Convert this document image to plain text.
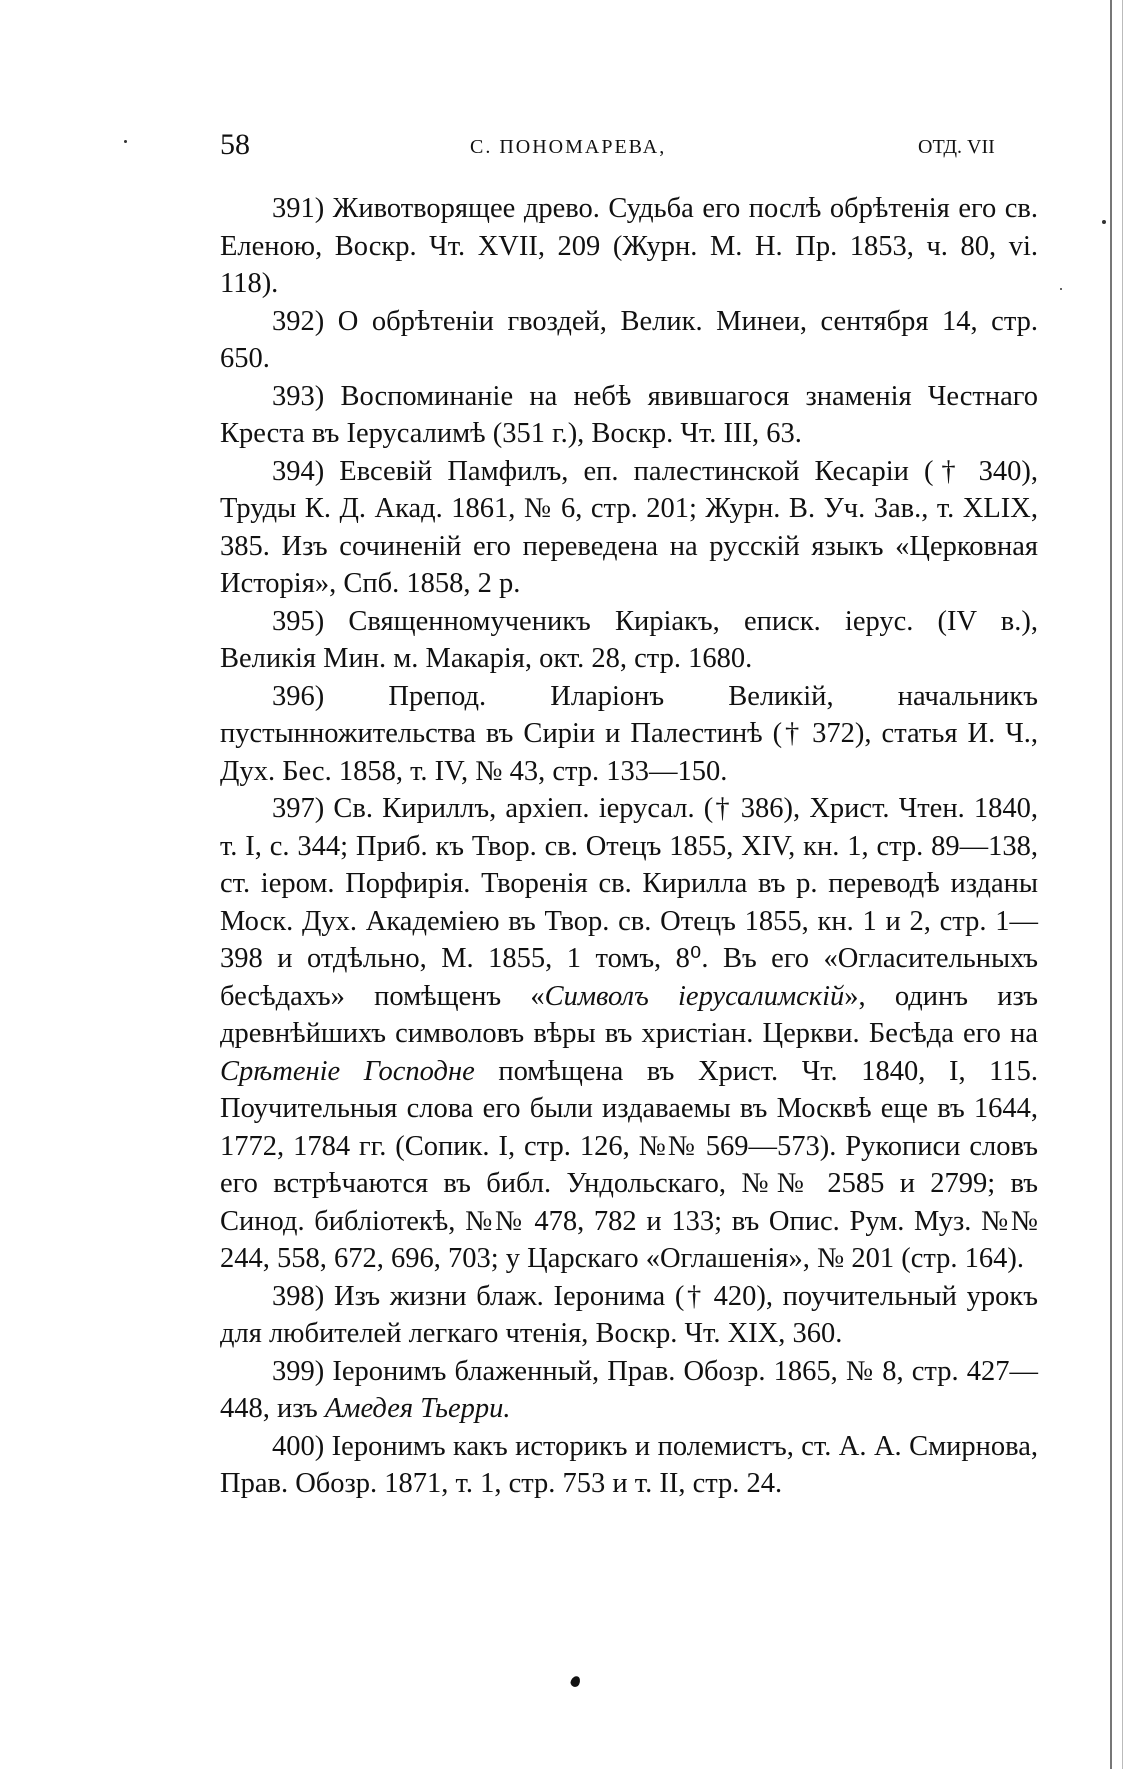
58	С. ПОНОМАРЕВА,	ОТД. VII

391) Животворящее древо. Судьба его послѣ обрѣтенія его св. Еленою, Воскр. Чт. XVII, 209 (Журн. М. Н. Пр. 1853, ч. 80, vi. 118).

392) О обрѣтеніи гвоздей, Велик. Минеи, сентября 14, стр. 650.

393) Воспоминаніе на небѣ явившагося знаменія Честнаго Креста въ Іерусалимѣ (351 г.), Воскр. Чт. III, 63.

394) Евсевій Памфилъ, еп. палестинской Кесаріи († 340), Труды К. Д. Акад. 1861, № 6, стр. 201; Журн. В. Уч. Зав., т. XLIX, 385. Изъ сочиненій его переведена на русскій языкъ «Церковная Исторія», Спб. 1858, 2 р.

395) Священномученикъ Киріакъ, еписк. іерус. (IV в.), Великія Мин. м. Макарія, окт. 28, стр. 1680.

396) Препод. Иларіонъ Великій, начальникъ пустынножительства въ Сиріи и Палестинѣ († 372), статья И. Ч., Дух. Бес. 1858, т. IV, № 43, стр. 133—150.

397) Св. Кириллъ, архіеп. іерусал. († 386), Христ. Чтен. 1840, т. I, с. 344; Приб. къ Твор. св. Отецъ 1855, XIV, кн. 1, стр. 89—138, ст. іером. Порфирія. Творенія св. Кирилла въ р. переводѣ изданы Моск. Дух. Академіею въ Твор. св. Отецъ 1855, кн. 1 и 2, стр. 1—398 и отдѣльно, М. 1855, 1 томъ, 8⁰. Въ его «Огласительныхъ бесѣдахъ» помѣщенъ «Символъ іерусалимскій», одинъ изъ древнѣйшихъ символовъ вѣры въ христіан. Церкви. Бесѣда его на Срѣтеніе Господне помѣщена въ Христ. Чт. 1840, I, 115. Поучительныя слова его были издаваемы въ Москвѣ еще въ 1644, 1772, 1784 гг. (Сопик. I, стр. 126, №№ 569—573). Рукописи словъ его встрѣчаются въ библ. Ундольскаго, №№ 2585 и 2799; въ Синод. библіотекѣ, №№ 478, 782 и 133; въ Опис. Рум. Муз. №№ 244, 558, 672, 696, 703; у Царскаго «Оглашенія», № 201 (стр. 164).

398) Изъ жизни блаж. Іеронима († 420), поучительный урокъ для любителей легкаго чтенія, Воскр. Чт. XIX, 360.

399) Іеронимъ блаженный, Прав. Обозр. 1865, № 8, стр. 427—448, изъ Амедея Тьерри.

400) Іеронимъ какъ историкъ и полемистъ, ст. А. А. Смирнова, Прав. Обозр. 1871, т. 1, стр. 753 и т. II, стр. 24.
